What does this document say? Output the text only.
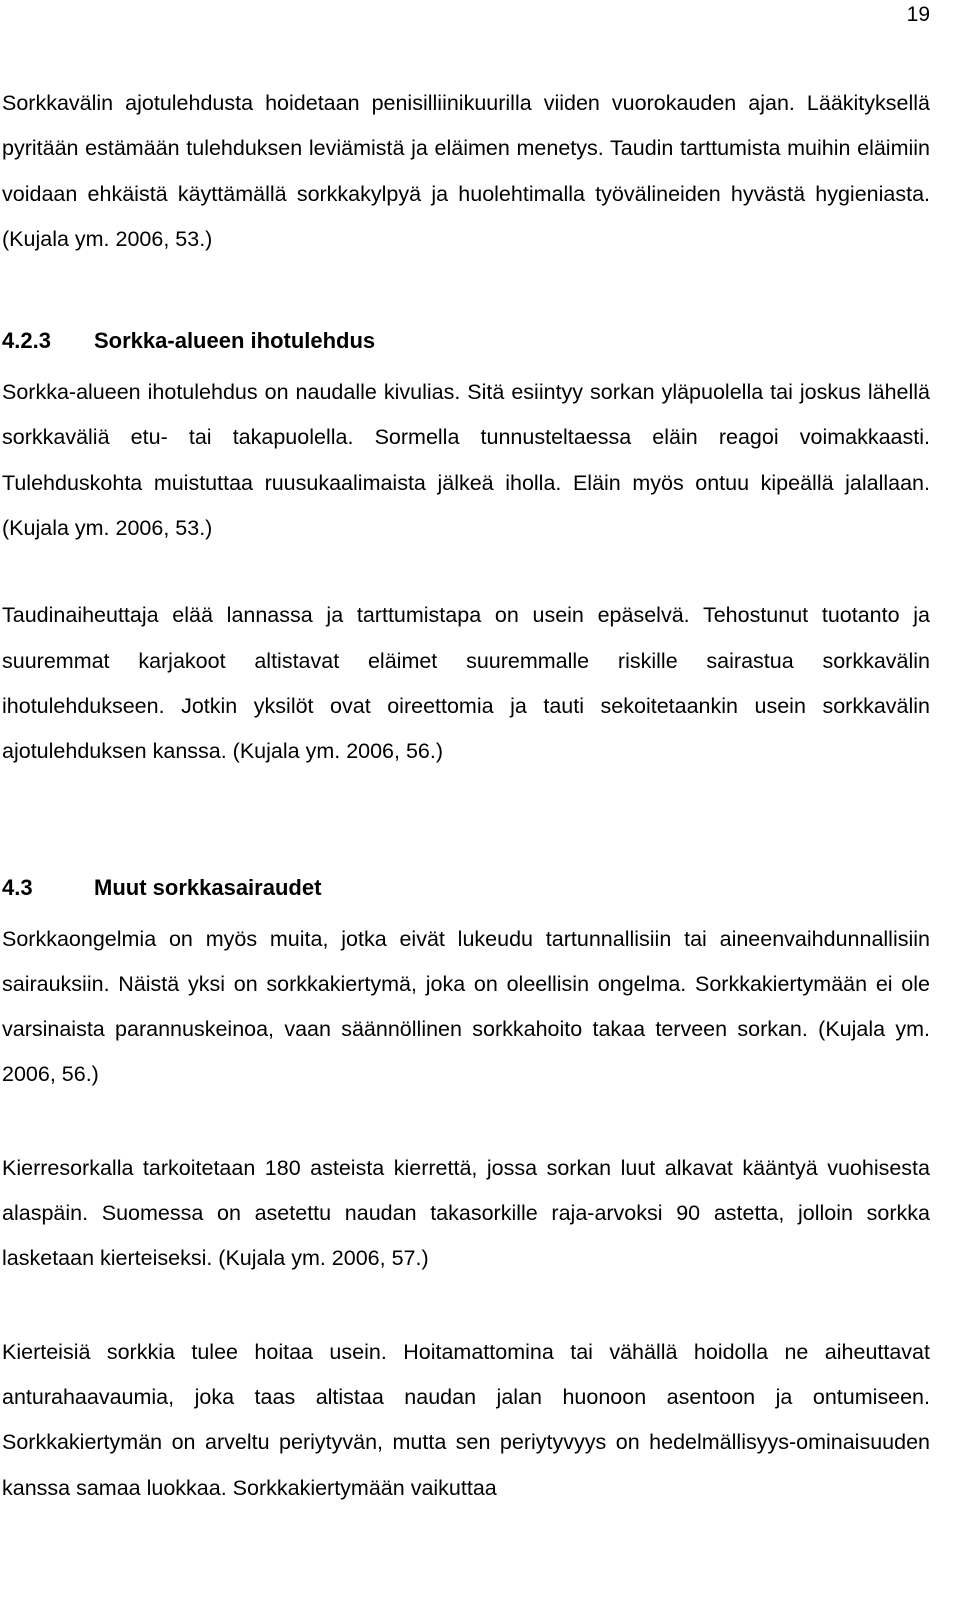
19

Sorkkavälin ajotulehdusta hoidetaan penisilliinikuurilla viiden vuorokauden ajan. Lääkityksellä pyritään estämään tulehduksen leviämistä ja eläimen menetys. Taudin tarttumista muihin eläimiin voidaan ehkäistä käyttämällä sorkkakylpyä ja huolehtimalla työvälineiden hyvästä hygieniasta. (Kujala ym. 2006, 53.)

4.2.3 Sorkka-alueen ihotulehdus

Sorkka-alueen ihotulehdus on naudalle kivulias. Sitä esiintyy sorkan yläpuolella tai joskus lähellä sorkkaväliä etu- tai takapuolella. Sormella tunnusteltaessa eläin reagoi voimakkaasti. Tulehduskohta muistuttaa ruusukaalimaista jälkeä iholla. Eläin myös ontuu kipeällä jalallaan. (Kujala ym. 2006, 53.)

Taudinaiheuttaja elää lannassa ja tarttumistapa on usein epäselvä. Tehostunut tuotanto ja suuremmat karjakoot altistavat eläimet suuremmalle riskille sairastua sorkkavälin ihotulehdukseen. Jotkin yksilöt ovat oireettomia ja tauti sekoitetaankin usein sorkkavälin ajotulehduksen kanssa. (Kujala ym. 2006, 56.)

4.3	Muut sorkkasairaudet

Sorkkaongelmia on myös muita, jotka eivät lukeudu tartunnallisiin tai aineenvaihdunnallisiin sairauksiin. Näistä yksi on sorkkakiertymä, joka on oleellisin ongelma. Sorkkakiertymään ei ole varsinaista parannuskeinoa, vaan säännöllinen sorkkahoito takaa terveen sorkan. (Kujala ym. 2006, 56.)

Kierresorkalla tarkoitetaan 180 asteista kierrettä, jossa sorkan luut alkavat kääntyä vuohisesta alaspäin. Suomessa on asetettu naudan takasorkille raja-arvoksi 90 astetta, jolloin sorkka lasketaan kierteiseksi. (Kujala ym. 2006, 57.)

Kierteisiä sorkkia tulee hoitaa usein. Hoitamattomina tai vähällä hoidolla ne aiheuttavat anturahaavaumia, joka taas altistaa naudan jalan huonoon asentoon ja ontumiseen. Sorkkakiertymän on arveltu periytyvän, mutta sen periytyvyys on hedelmällisyys-ominaisuuden kanssa samaa luokkaa. Sorkkakiertymään vaikuttaa
